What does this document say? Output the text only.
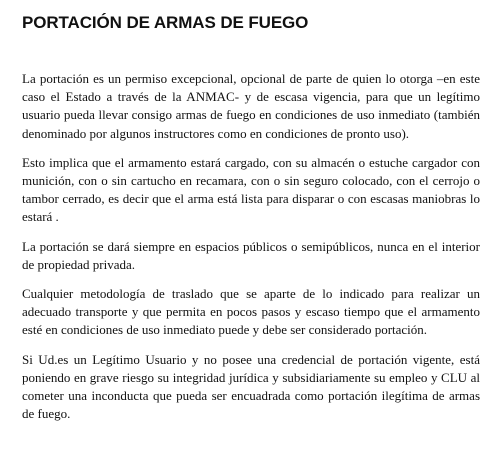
PORTACIÓN DE ARMAS DE FUEGO

La portación es un permiso excepcional, opcional de parte de quien lo otorga –en este caso el Estado a través de la ANMAC- y de escasa vigencia, para que un legítimo usuario pueda llevar consigo armas de fuego en condiciones de uso inmediato (también denominado por algunos instructores como en condiciones de pronto uso).

Esto implica que el armamento estará cargado, con su almacén o estuche cargador con munición, con o sin cartucho en recamara, con o sin seguro colocado, con el cerrojo o tambor cerrado, es decir que el arma está lista para disparar o con escasas maniobras lo estará .

La portación se dará siempre en espacios públicos o semipúblicos, nunca en el interior de propiedad privada.

Cualquier metodología de traslado que se aparte de lo indicado para realizar un adecuado transporte y que permita en pocos pasos y escaso tiempo que el armamento esté en condiciones de uso inmediato puede y debe ser considerado portación.

Si Ud.es un Legítimo Usuario y no posee una credencial de portación vigente, está poniendo en grave riesgo su integridad jurídica y subsidiariamente su empleo y CLU al cometer una inconducta que pueda ser encuadrada como portación ilegítima de armas de fuego.
